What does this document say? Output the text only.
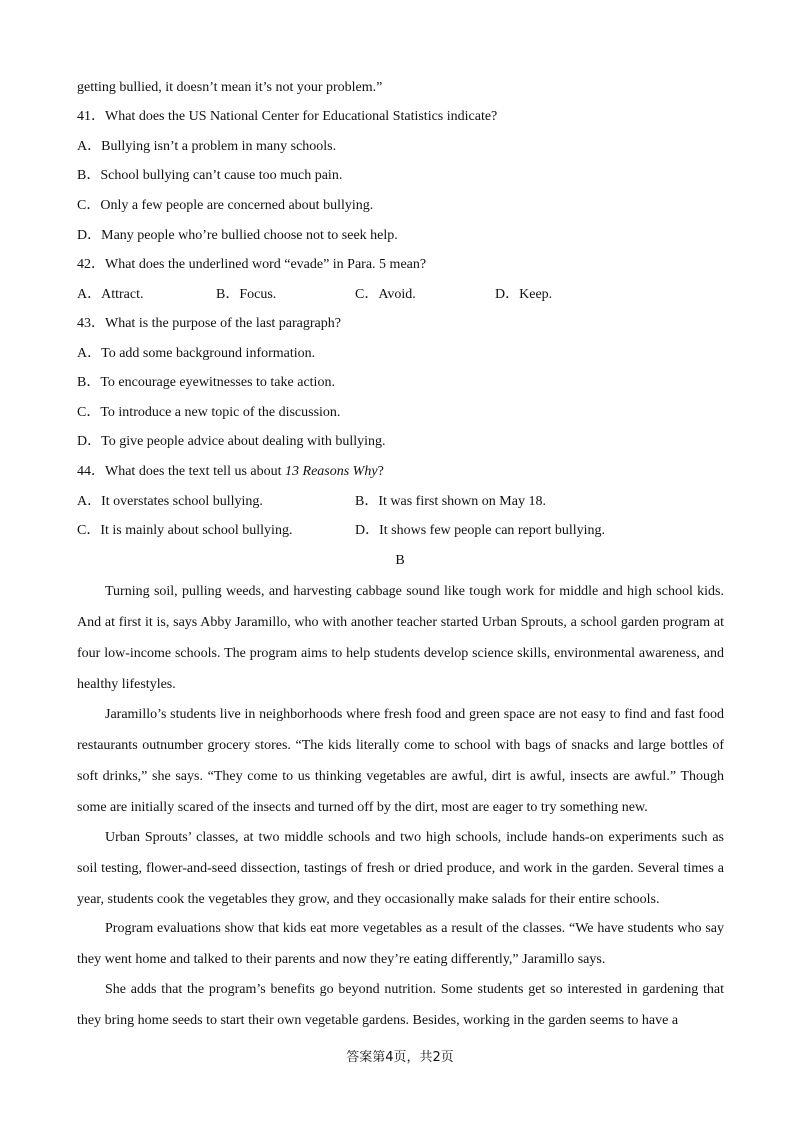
getting bullied, it doesn’t mean it’s not your problem.”
41．What does the US National Center for Educational Statistics indicate?
A．Bullying isn’t a problem in many schools.
B．School bullying can’t cause too much pain.
C．Only a few people are concerned about bullying.
D．Many people who’re bullied choose not to seek help.
42．What does the underlined word “evade” in Para. 5 mean?
A．Attract.	B．Focus.	C．Avoid.	D．Keep.
43．What is the purpose of the last paragraph?
A．To add some background information.
B．To encourage eyewitnesses to take action.
C．To introduce a new topic of the discussion.
D．To give people advice about dealing with bullying.
44．What does the text tell us about 13 Reasons Why?
A．It overstates school bullying.	B．It was first shown on May 18.
C．It is mainly about school bullying.	D．It shows few people can report bullying.
B

Turning soil, pulling weeds, and harvesting cabbage sound like tough work for middle and high school kids. And at first it is, says Abby Jaramillo, who with another teacher started Urban Sprouts, a school garden program at four low-income schools. The program aims to help students develop science skills, environmental awareness, and healthy lifestyles.

Jaramillo’s students live in neighborhoods where fresh food and green space are not easy to find and fast food restaurants outnumber grocery stores. “The kids literally come to school with bags of snacks and large bottles of soft drinks,” she says. “They come to us thinking vegetables are awful, dirt is awful, insects are awful.” Though some are initially scared of the insects and turned off by the dirt, most are eager to try something new.

Urban Sprouts’ classes, at two middle schools and two high schools, include hands-on experiments such as soil testing, flower-and-seed dissection, tastings of fresh or dried produce, and work in the garden. Several times a year, students cook the vegetables they grow, and they occasionally make salads for their entire schools.

Program evaluations show that kids eat more vegetables as a result of the classes. “We have students who say they went home and talked to their parents and now they’re eating differently,” Jaramillo says.

She adds that the program’s benefits go beyond nutrition. Some students get so interested in gardening that they bring home seeds to start their own vegetable gardens. Besides, working in the garden seems to have a

答案第4页，共2页
